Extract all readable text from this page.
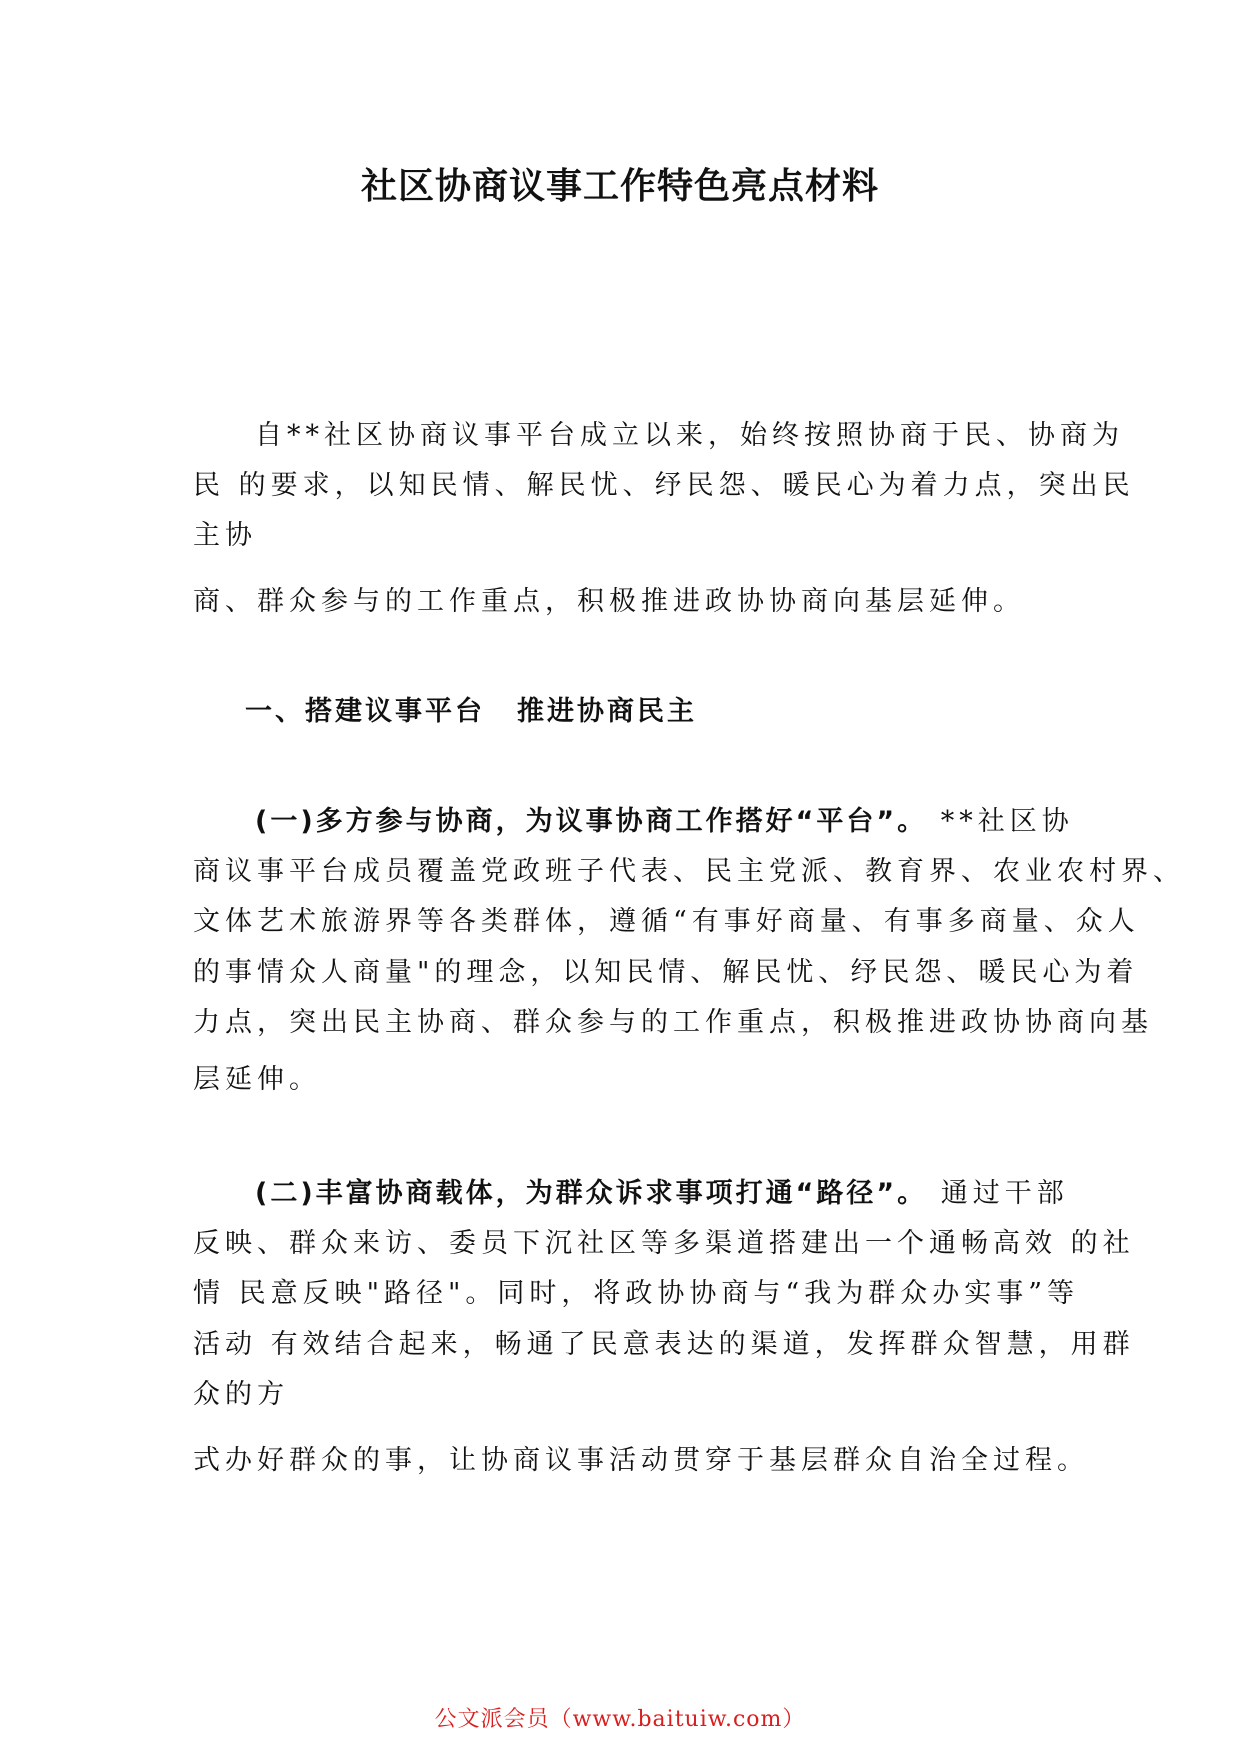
社区协商议事工作特色亮点材料
自**社区协商议事平台成立以来，始终按照协商于民、协商为
民 的要求，以知民情、解民忧、纾民怨、暖民心为着力点，突出民
主协
商、群众参与的工作重点，积极推进政协协商向基层延伸。
一、搭建议事平台 推进协商民主
(一)多方参与协商，为议事协商工作搭好“平台”。 **社区协
商议事平台成员覆盖党政班子代表、民主党派、教育界、农业农村界、
文体艺术旅游界等各类群体，遵循“有事好商量、有事多商量、众人
的事情众人商量"的理念，以知民情、解民忧、纾民怨、暖民心为着
力点，突出民主协商、群众参与的工作重点，积极推进政协协商向基
层延伸。
(二)丰富协商载体，为群众诉求事项打通“路径”。 通过干部
反映、群众来访、委员下沉社区等多渠道搭建出一个通畅高效 的社
情 民意反映"路径"。同时，将政协协商与“我为群众办实事”等
活动 有效结合起来，畅通了民意表达的渠道，发挥群众智慧，用群
众的方
式办好群众的事，让协商议事活动贯穿于基层群众自治全过程。
公文派会员（www.baituiw.com）
